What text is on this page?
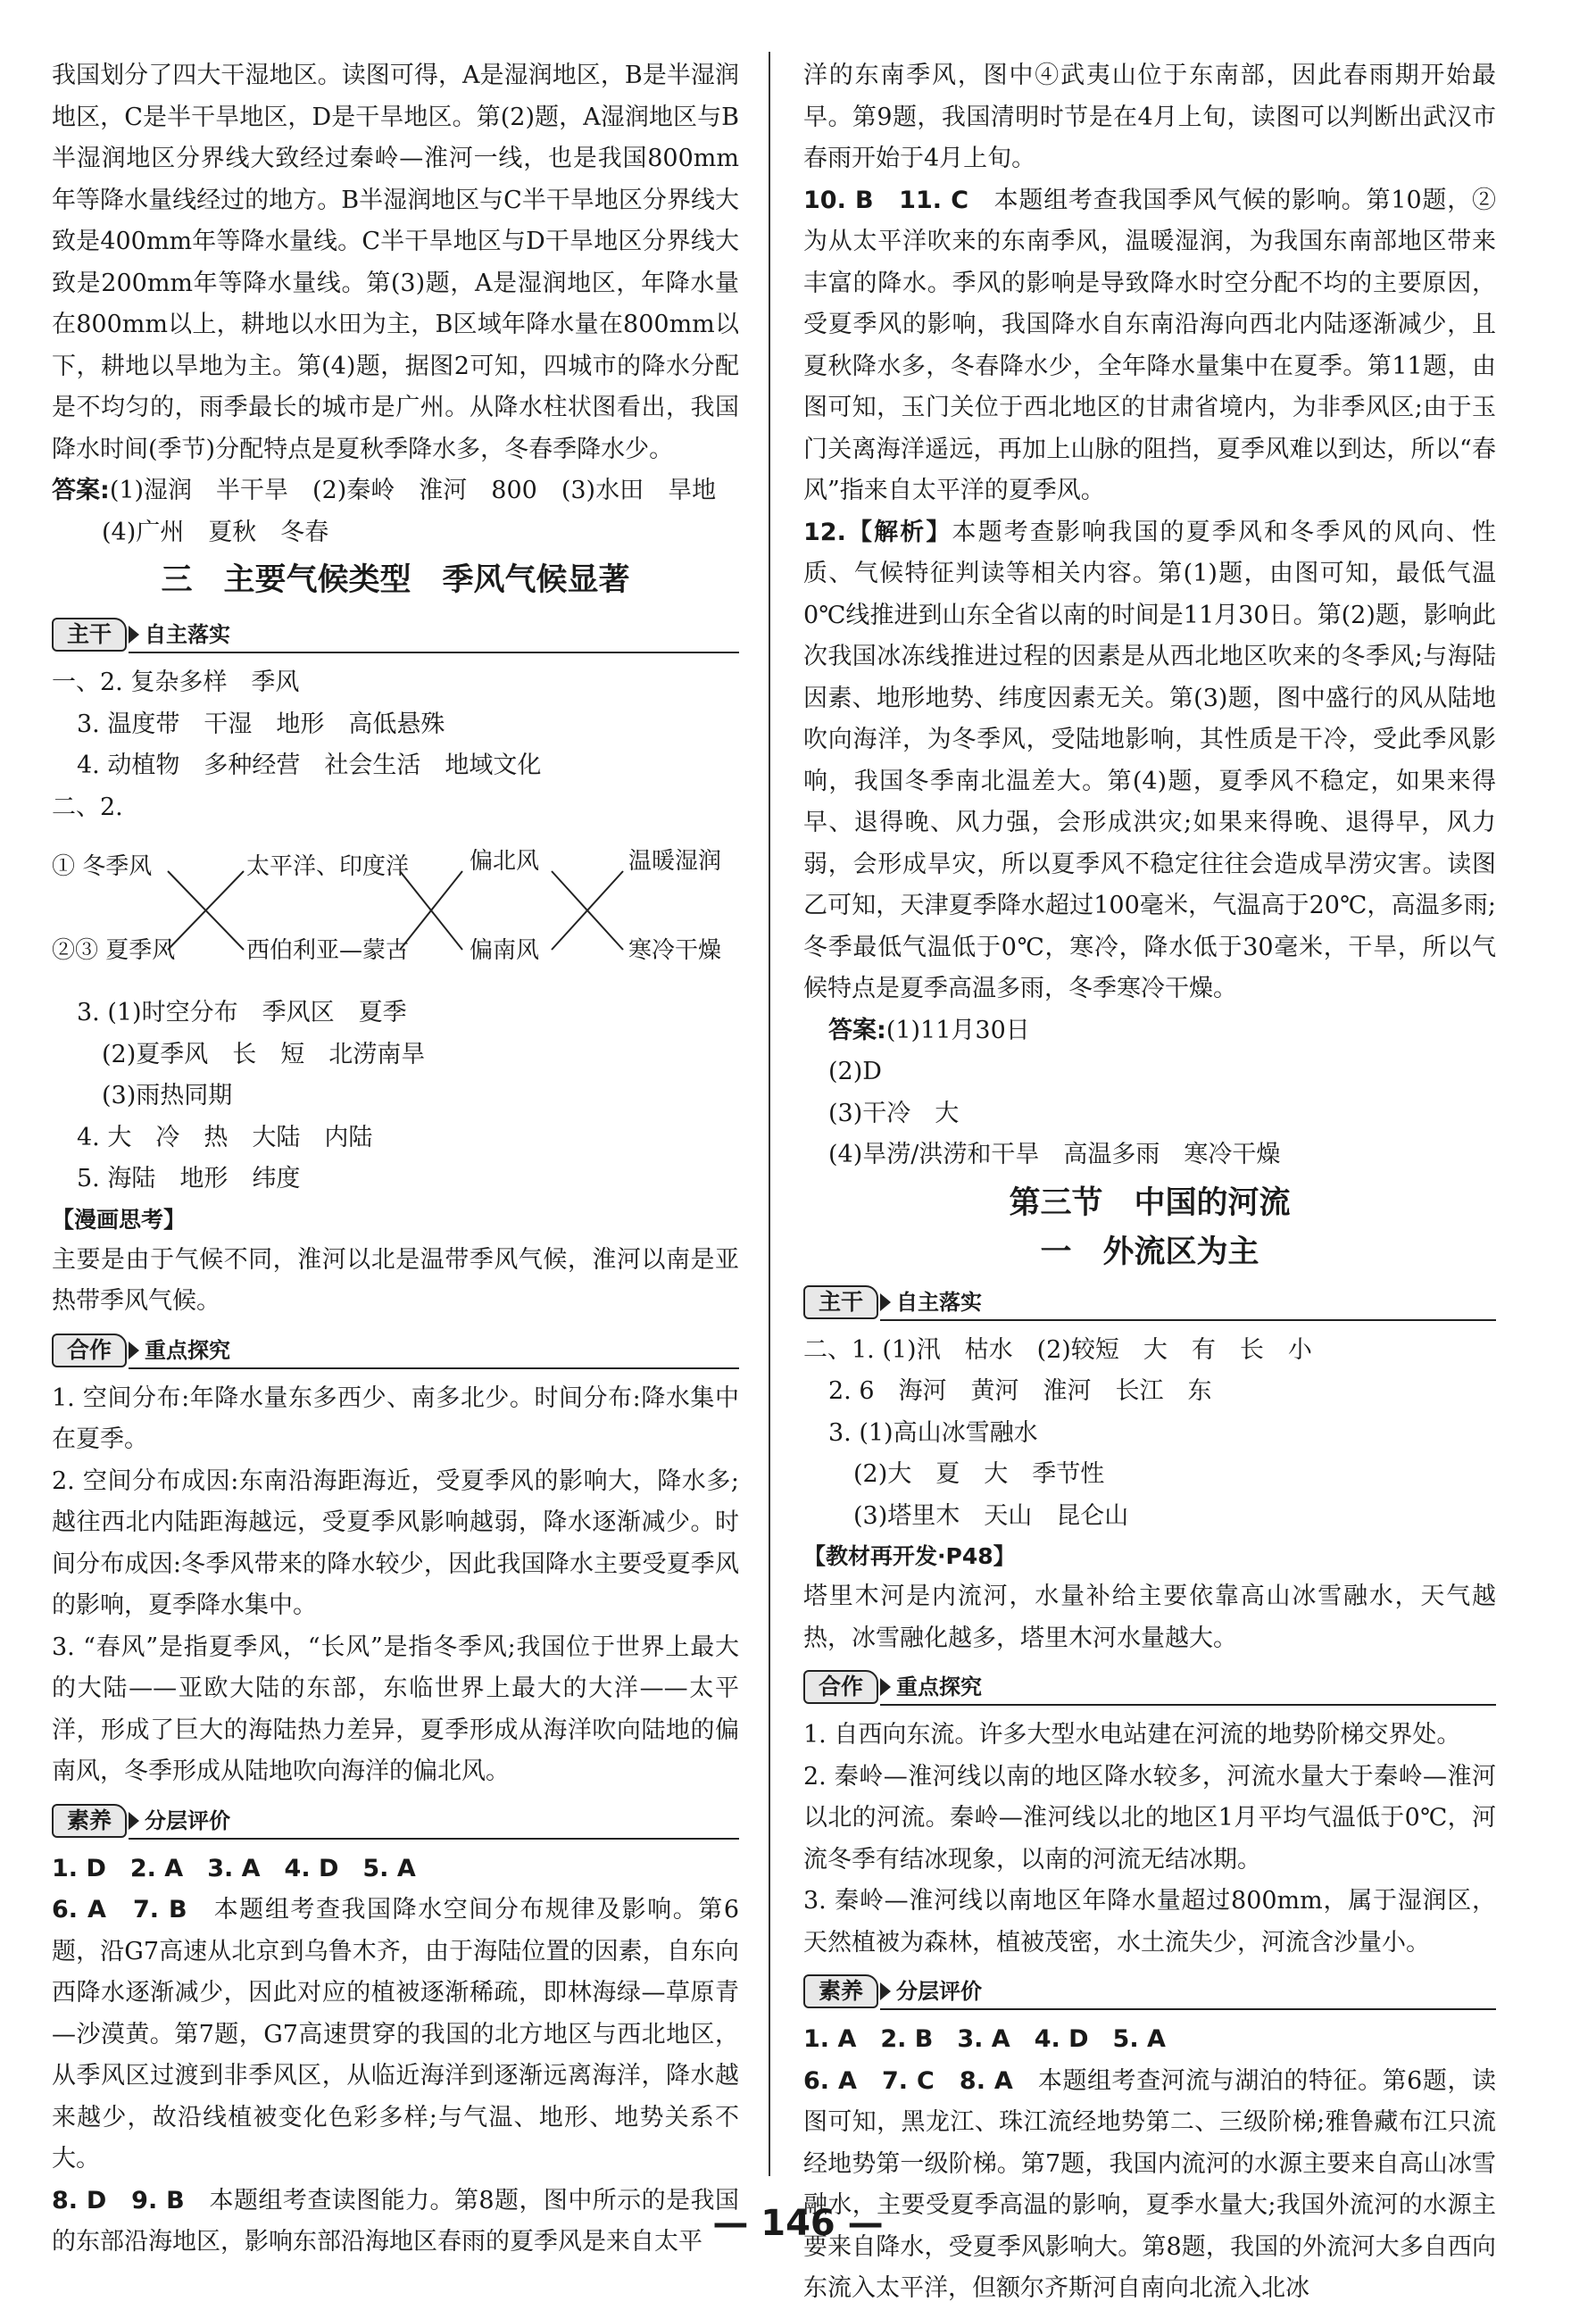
我国划分了四大干湿地区。读图可得，A是湿润地区，B是半湿润地区，C是半干旱地区，D是干旱地区。第(2)题，A湿润地区与B半湿润地区分界线大致经过秦岭—淮河一线，也是我国800mm年等降水量线经过的地方。B半湿润地区与C半干旱地区分界线大致是400mm年等降水量线。C半干旱地区与D干旱地区分界线大致是200mm年等降水量线。第(3)题，A是湿润地区，年降水量在800mm以上，耕地以水田为主，B区域年降水量在800mm以下，耕地以旱地为主。第(4)题，据图2可知，四城市的降水分配是不均匀的，雨季最长的城市是广州。从降水柱状图看出，我国降水时间(季节)分配特点是夏秋季降水多，冬春季降水少。

答案:(1)湿润　半干旱　(2)秦岭　淮河　800　(3)水田　旱地

(4)广州　夏秋　冬春

三　主要气候类型　季风气候显著
主干	自主落实

一、2. 复杂多样　季风

3. 温度带　干湿　地形　高低悬殊

4. 动植物　多种经营　社会生活　地域文化

二、2.

① 冬季风
②③ 夏季风
太平洋、印度洋
西伯利亚—蒙古
偏北风
偏南风
温暖湿润
寒冷干燥

3. (1)时空分布　季风区　夏季

(2)夏季风　长　短　北涝南旱

(3)雨热同期

4. 大　冷　热　大陆　内陆

5. 海陆　地形　纬度

【漫画思考】

主要是由于气候不同，淮河以北是温带季风气候，淮河以南是亚热带季风气候。

合作	重点探究

1. 空间分布:年降水量东多西少、南多北少。时间分布:降水集中在夏季。

2. 空间分布成因:东南沿海距海近，受夏季风的影响大，降水多;越往西北内陆距海越远，受夏季风影响越弱，降水逐渐减少。时间分布成因:冬季风带来的降水较少，因此我国降水主要受夏季风的影响，夏季降水集中。

3. “春风”是指夏季风，“长风”是指冬季风;我国位于世界上最大的大陆——亚欧大陆的东部，东临世界上最大的大洋——太平洋，形成了巨大的海陆热力差异，夏季形成从海洋吹向陆地的偏南风，冬季形成从陆地吹向海洋的偏北风。

素养	分层评价

1. D　2. A　3. A　4. D　5. A

6. A　7. B　 本题组考查我国降水空间分布规律及影响。第6题，沿G7高速从北京到乌鲁木齐，由于海陆位置的因素，自东向西降水逐渐减少，因此对应的植被逐渐稀疏，即林海绿—草原青—沙漠黄。第7题，G7高速贯穿的我国的北方地区与西北地区，从季风区过渡到非季风区，从临近海洋到逐渐远离海洋，降水越来越少，故沿线植被变化色彩多样;与气温、地形、地势关系不大。

8. D　9. B　 本题组考查读图能力。第8题，图中所示的是我国的东部沿海地区，影响东部沿海地区春雨的夏季风是来自太平

洋的东南季风，图中④武夷山位于东南部，因此春雨期开始最早。第9题，我国清明时节是在4月上旬，读图可以判断出武汉市春雨开始于4月上旬。

10. B　11. C　 本题组考查我国季风气候的影响。第10题，②为从太平洋吹来的东南季风，温暖湿润，为我国东南部地区带来丰富的降水。季风的影响是导致降水时空分配不均的主要原因，受夏季风的影响，我国降水自东南沿海向西北内陆逐渐减少，且夏秋降水多，冬春降水少，全年降水量集中在夏季。第11题，由图可知，玉门关位于西北地区的甘肃省境内，为非季风区;由于玉门关离海洋遥远，再加上山脉的阻挡，夏季风难以到达，所以“春风”指来自太平洋的夏季风。

12.【解析】本题考查影响我国的夏季风和冬季风的风向、性质、气候特征判读等相关内容。第(1)题，由图可知，最低气温0℃线推进到山东全省以南的时间是11月30日。第(2)题，影响此次我国冰冻线推进过程的因素是从西北地区吹来的冬季风;与海陆因素、地形地势、纬度因素无关。第(3)题，图中盛行的风从陆地吹向海洋，为冬季风，受陆地影响，其性质是干冷，受此季风影响，我国冬季南北温差大。第(4)题，夏季风不稳定，如果来得早、退得晚、风力强，会形成洪灾;如果来得晚、退得早，风力弱，会形成旱灾，所以夏季风不稳定往往会造成旱涝灾害。读图乙可知，天津夏季降水超过100毫米，气温高于20℃，高温多雨;冬季最低气温低于0℃，寒冷，降水低于30毫米，干旱，所以气候特点是夏季高温多雨，冬季寒冷干燥。

答案:(1)11月30日

(2)D

(3)干冷　大

(4)旱涝/洪涝和干旱　高温多雨　寒冷干燥

第三节　中国的河流
一　外流区为主
主干	自主落实

二、1. (1)汛　枯水　(2)较短　大　有　长　小

2. 6　海河　黄河　淮河　长江　东

3. (1)高山冰雪融水

(2)大　夏　大　季节性

(3)塔里木　天山　昆仑山

【教材再开发·P48】

塔里木河是内流河，水量补给主要依靠高山冰雪融水，天气越热，冰雪融化越多，塔里木河水量越大。

合作	重点探究

1. 自西向东流。许多大型水电站建在河流的地势阶梯交界处。

2. 秦岭—淮河线以南的地区降水较多，河流水量大于秦岭—淮河以北的河流。秦岭—淮河线以北的地区1月平均气温低于0℃，河流冬季有结冰现象，以南的河流无结冰期。

3. 秦岭—淮河线以南地区年降水量超过800mm，属于湿润区，天然植被为森林，植被茂密，水土流失少，河流含沙量小。

素养	分层评价

1. A　2. B　3. A　4. D　5. A

6. A　7. C　8. A　 本题组考查河流与湖泊的特征。第6题，读图可知，黑龙江、珠江流经地势第二、三级阶梯;雅鲁藏布江只流经地势第一级阶梯。第7题，我国内流河的水源主要来自高山冰雪融水，主要受夏季高温的影响，夏季水量大;我国外流河的水源主要来自降水，受夏季风影响大。第8题，我国的外流河大多自西向东流入太平洋，但额尔齐斯河自南向北流入北冰

— 146 —
